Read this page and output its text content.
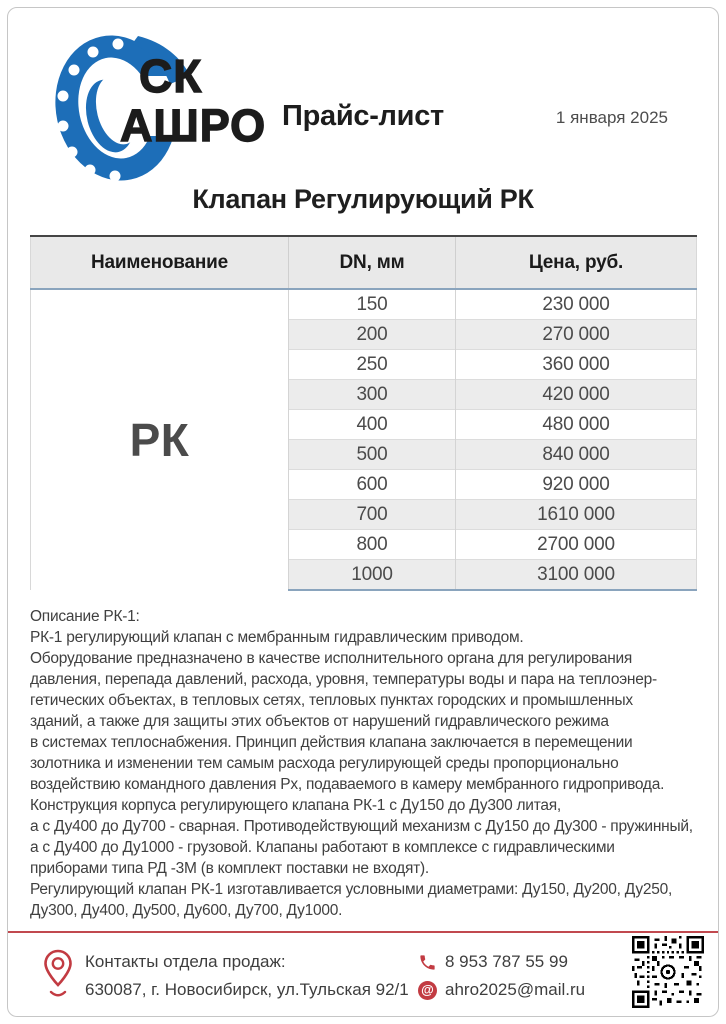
СК
АШРО Прайс-лист	1 января 2025
Клапан Регулирующий РК
Наименование	DN, мм	Цена, руб.
РК	150	230 000
	200	270 000
	250	360 000
	300	420 000
	400	480 000
	500	840 000
	600	920 000
	700	1610 000
	800	2700 000
	1000	3100 000
Описание РК-1:
РК-1 регулирующий клапан с мембранным гидравлическим приводом.
Оборудование предназначено в качестве исполнительного органа для регулирования
давления, перепада давлений, расхода, уровня, температуры воды и пара на теплоэнер-
гетических объектах, в тепловых сетях, тепловых пунктах городских и промышленных
зданий, а также для защиты этих объектов от нарушений гидравлического режима
в системах теплоснабжения. Принцип действия клапана заключается в перемещении
золотника и изменении тем самым расхода регулирующей среды пропорционально
воздействию командного давления Рх, подаваемого в камеру мембранного гидропривода.
Конструкция корпуса регулирующего клапана РК-1 с Ду150 до Ду300 литая,
а с Ду400 до Ду700 - сварная. Противодействующий механизм с Ду150 до Ду300 - пружинный,
а с Ду400 до Ду1000 - грузовой. Клапаны работают в комплексе с гидравлическими
приборами типа РД -3М (в комплект поставки не входят).
Регулирующий клапан РК-1 изготавливается условными диаметрами: Ду150, Ду200, Ду250,
Ду300, Ду400, Ду500, Ду600, Ду700, Ду1000.
Контакты отдела продаж:
630087, г. Новосибирск, ул.Тульская 92/1
8 953 787 55 99
@ ahro2025@mail.ru
